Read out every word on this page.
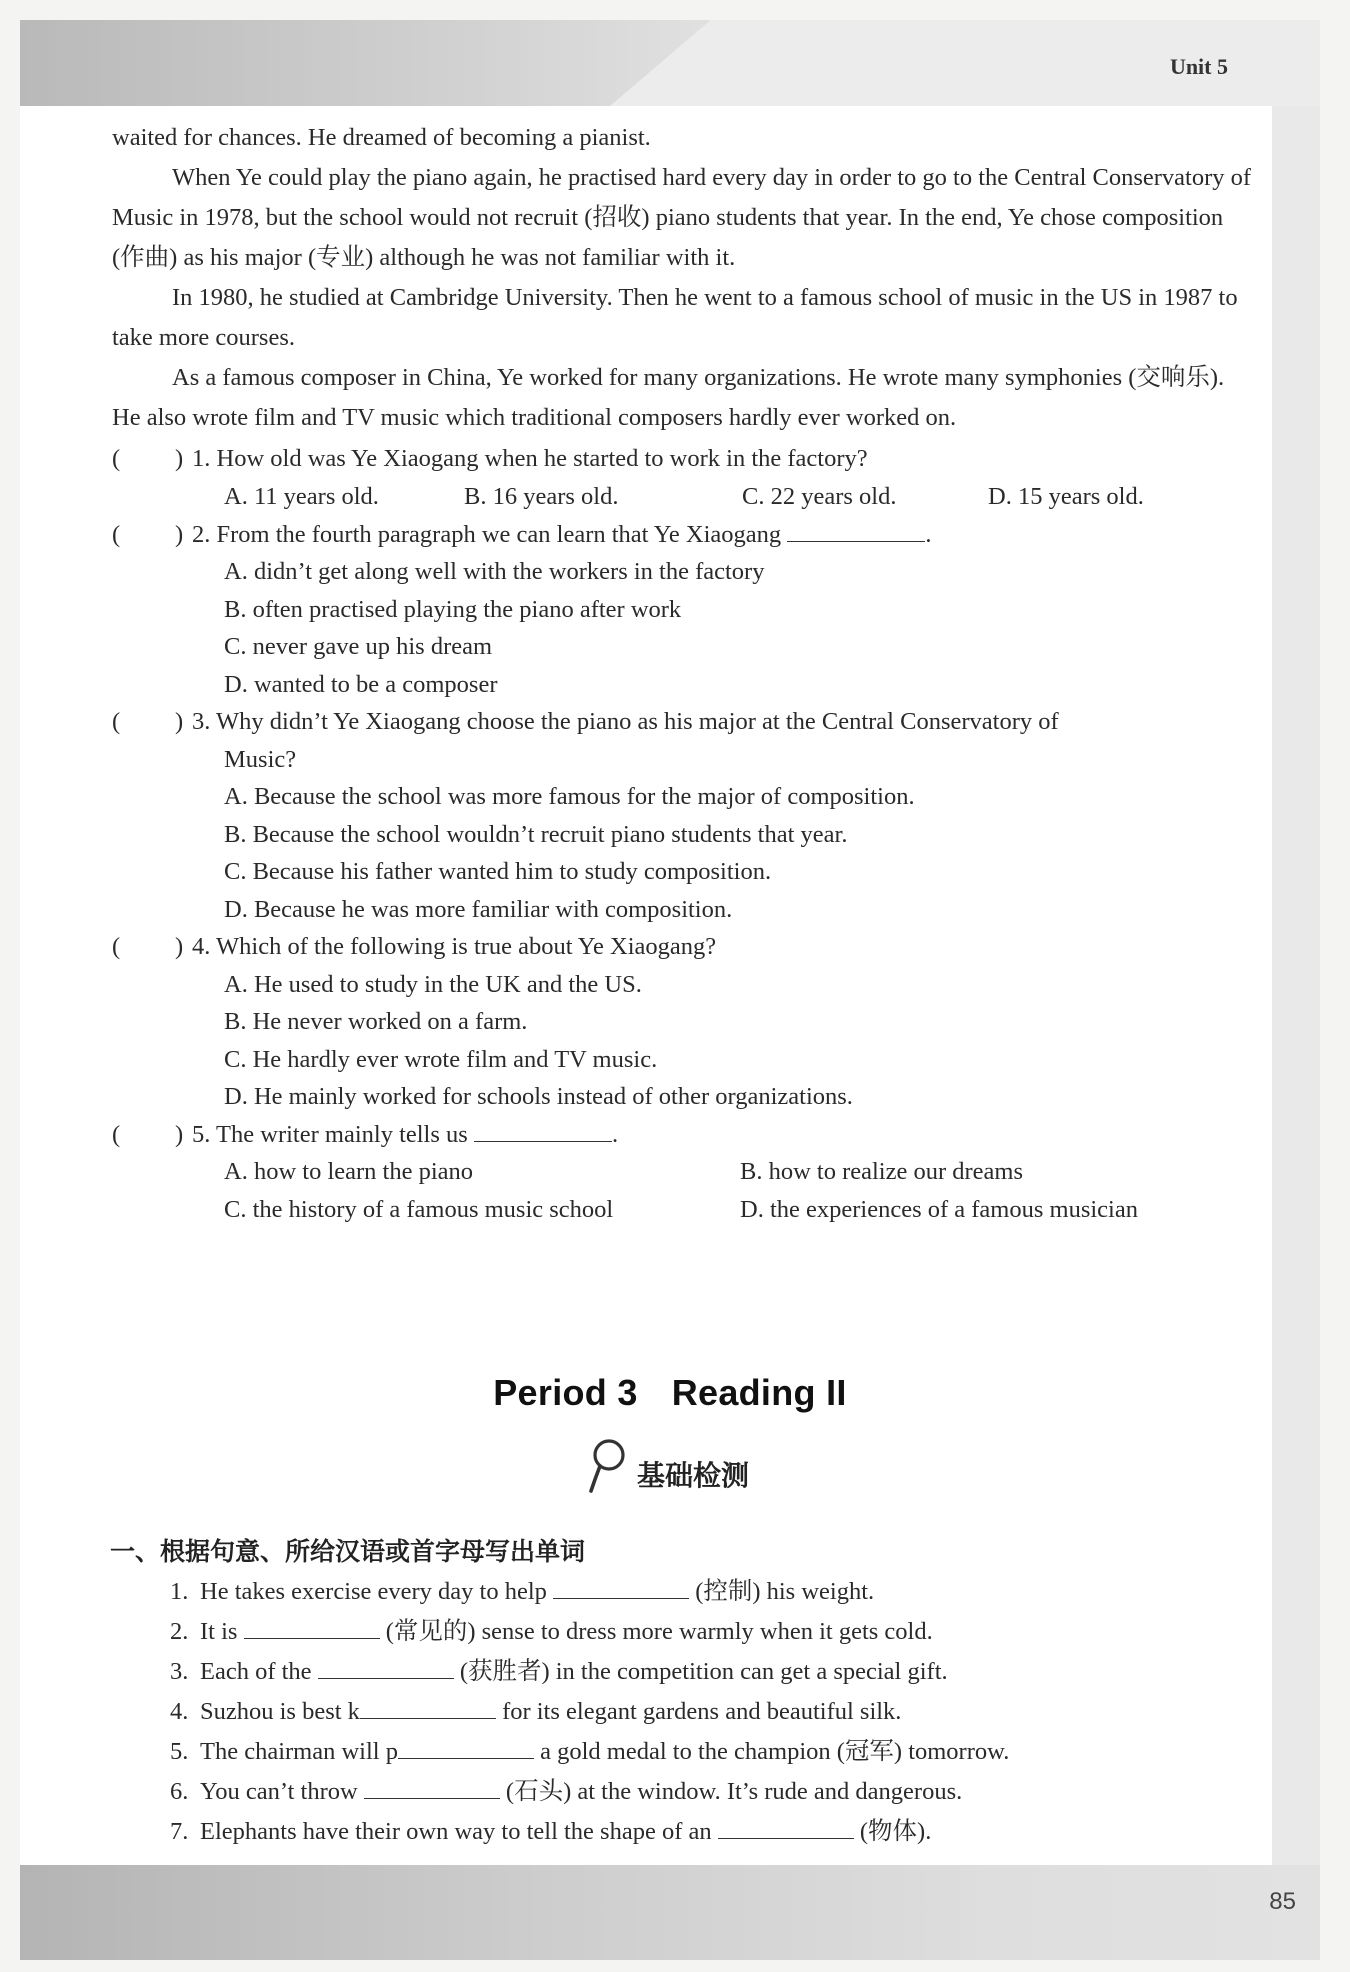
Unit 5

waited for chances. He dreamed of becoming a pianist.

When Ye could play the piano again, he practised hard every day in order to go to the Central Conservatory of Music in 1978, but the school would not recruit (招收) piano students that year. In the end, Ye chose composition (作曲) as his major (专业) although he was not familiar with it.

In 1980, he studied at Cambridge University. Then he went to a famous school of music in the US in 1987 to take more courses.

As a famous composer in China, Ye worked for many organizations. He wrote many symphonies (交响乐). He also wrote film and TV music which traditional composers hardly ever worked on.

( ) 1. How old was Ye Xiaogang when he started to work in the factory?
A. 11 years old.	B. 16 years old.	C. 22 years old.	D. 15 years old.
( ) 2. From the fourth paragraph we can learn that Ye Xiaogang	.
A. didn’t get along well with the workers in the factory
B. often practised playing the piano after work
C. never gave up his dream
D. wanted to be a composer
( ) 3. Why didn’t Ye Xiaogang choose the piano as his major at the Central Conservatory of
Music?
A. Because the school was more famous for the major of composition.
B. Because the school wouldn’t recruit piano students that year.
C. Because his father wanted him to study composition.
D. Because he was more familiar with composition.
( ) 4. Which of the following is true about Ye Xiaogang?
A. He used to study in the UK and the US.
B. He never worked on a farm.
C. He hardly ever wrote film and TV music.
D. He mainly worked for schools instead of other organizations.
( ) 5. The writer mainly tells us	.
A. how to learn the piano	B. how to realize our dreams
C. the history of a famous music school	D. the experiences of a famous musician
Period 3 Reading II
基础检测
一、根据句意、所给汉语或首字母写出单词
1. He takes exercise every day to help	(控制) his weight.
2. It is	(常见的) sense to dress more warmly when it gets cold.
3. Each of the	(获胜者) in the competition can get a special gift.
4. Suzhou is best k	for its elegant gardens and beautiful silk.
5. The chairman will p	a gold medal to the champion (冠军) tomorrow.
6. You can’t throw	(石头) at the window. It’s rude and dangerous.
7. Elephants have their own way to tell the shape of an	(物体).
85
